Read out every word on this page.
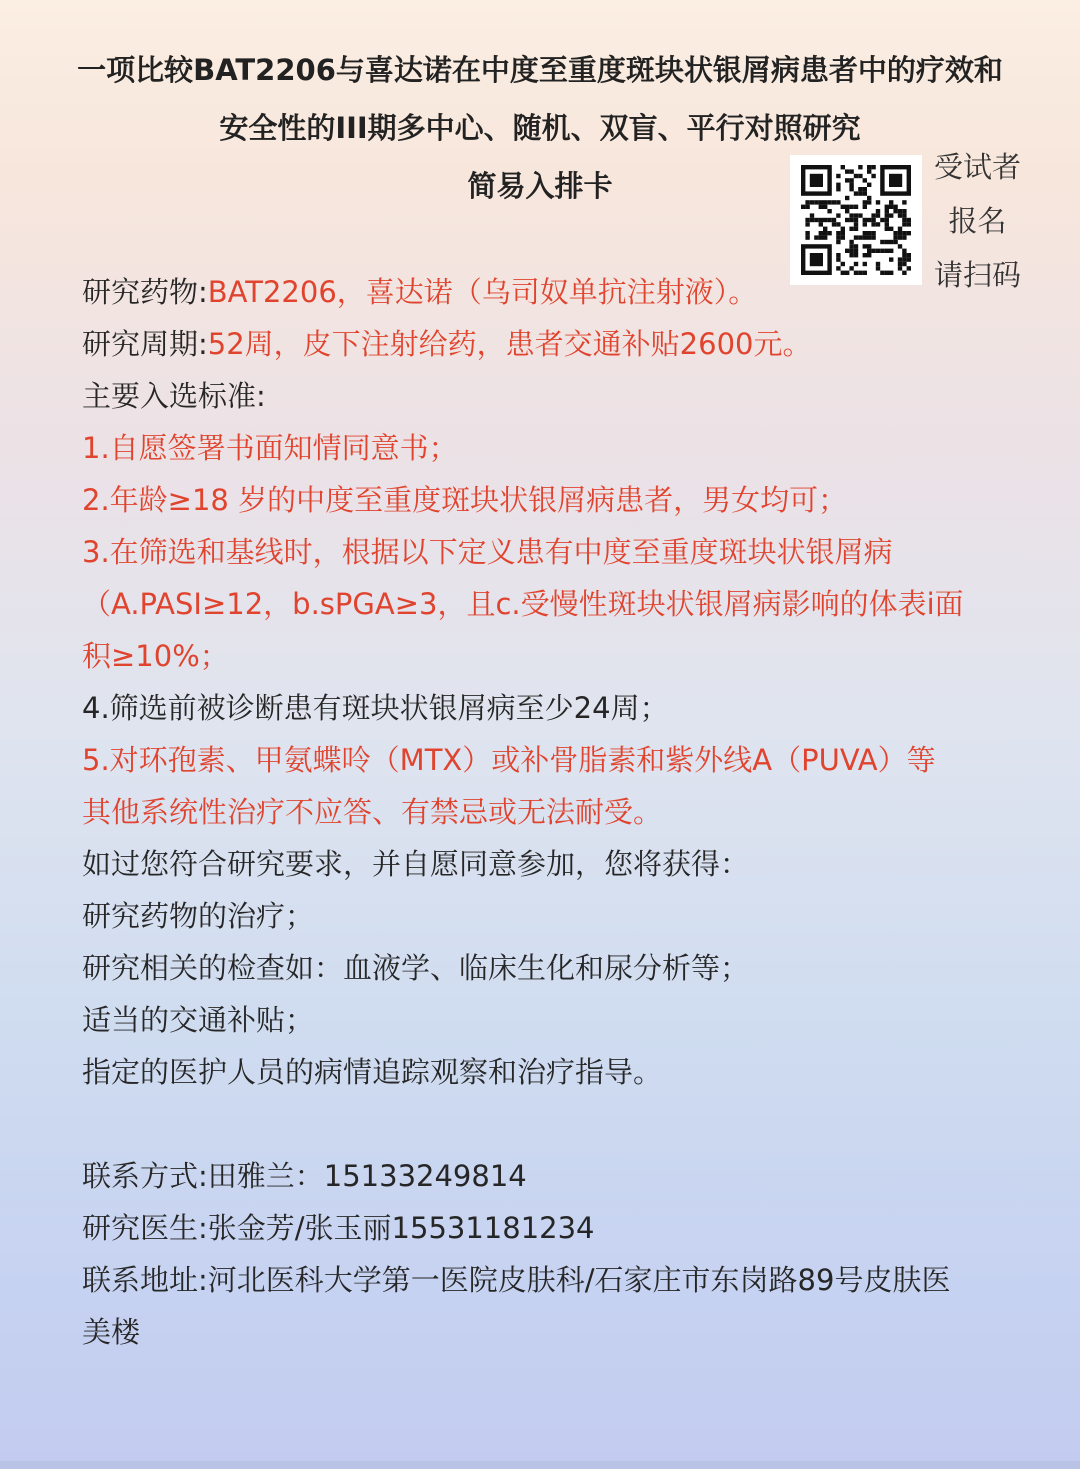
一项比较BAT2206与喜达诺在中度至重度斑块状银屑病患者中的疗效和
安全性的III期多中心、随机、双盲、平行对照研究
简易入排卡
受试者
报名
请扫码
研究药物:BAT2206，喜达诺（乌司奴单抗注射液）。
研究周期:52周，皮下注射给药，患者交通补贴2600元。
主要入选标准:
1.自愿签署书面知情同意书；
2.年龄≥18 岁的中度至重度斑块状银屑病患者，男女均可；
3.在筛选和基线时，根据以下定义患有中度至重度斑块状银屑病
（A.PASI≥12，b.sPGA≥3，且c.受慢性斑块状银屑病影响的体表i面
积≥10%；
4.筛选前被诊断患有斑块状银屑病至少24周；
5.对环孢素、甲氨蝶呤（MTX）或补骨脂素和紫外线A（PUVA）等
其他系统性治疗不应答、有禁忌或无法耐受。
如过您符合研究要求，并自愿同意参加，您将获得：
研究药物的治疗；
研究相关的检查如：血液学、临床生化和尿分析等；
适当的交通补贴；
指定的医护人员的病情追踪观察和治疗指导。
联系方式:田雅兰：15133249814
研究医生:张金芳/张玉丽15531181234
联系地址:河北医科大学第一医院皮肤科/石家庄市东岗路89号皮肤医
美楼
